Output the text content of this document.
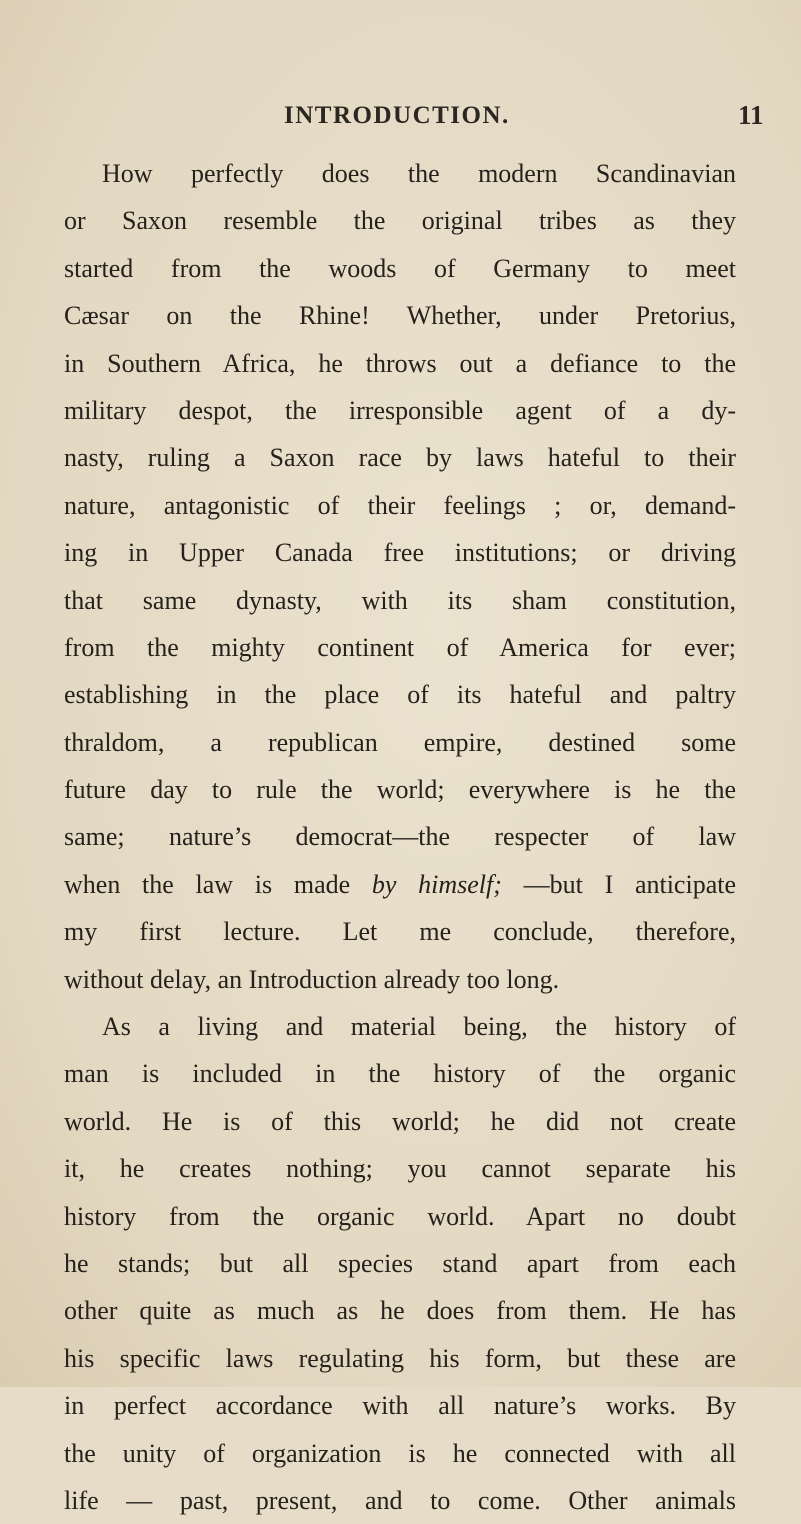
INTRODUCTION.	11
How perfectly does the modern Scandinavian
or Saxon resemble the original tribes as they
started from the woods of Germany to meet
Cæsar on the Rhine! Whether, under Pretorius,
in Southern Africa, he throws out a defiance to the
military despot, the irresponsible agent of a dy-
nasty, ruling a Saxon race by laws hateful to their
nature, antagonistic of their feelings ; or, demand-
ing in Upper Canada free institutions; or driving
that same dynasty, with its sham constitution,
from the mighty continent of America for ever;
establishing in the place of its hateful and paltry
thraldom, a republican empire, destined some
future day to rule the world; everywhere is he the
same; nature’s democrat—the respecter of law
when the law is made by himself; —but I anticipate
my first lecture. Let me conclude, therefore,
without delay, an Introduction already too long.
As a living and material being, the history of
man is included in the history of the organic
world. He is of this world; he did not create
it, he creates nothing; you cannot separate his
history from the organic world. Apart no doubt
he stands; but all species stand apart from each
other quite as much as he does from them. He has
his specific laws regulating his form, but these are
in perfect accordance with all nature’s works. By
the unity of organization is he connected with all
life — past, present, and to come. Other animals
